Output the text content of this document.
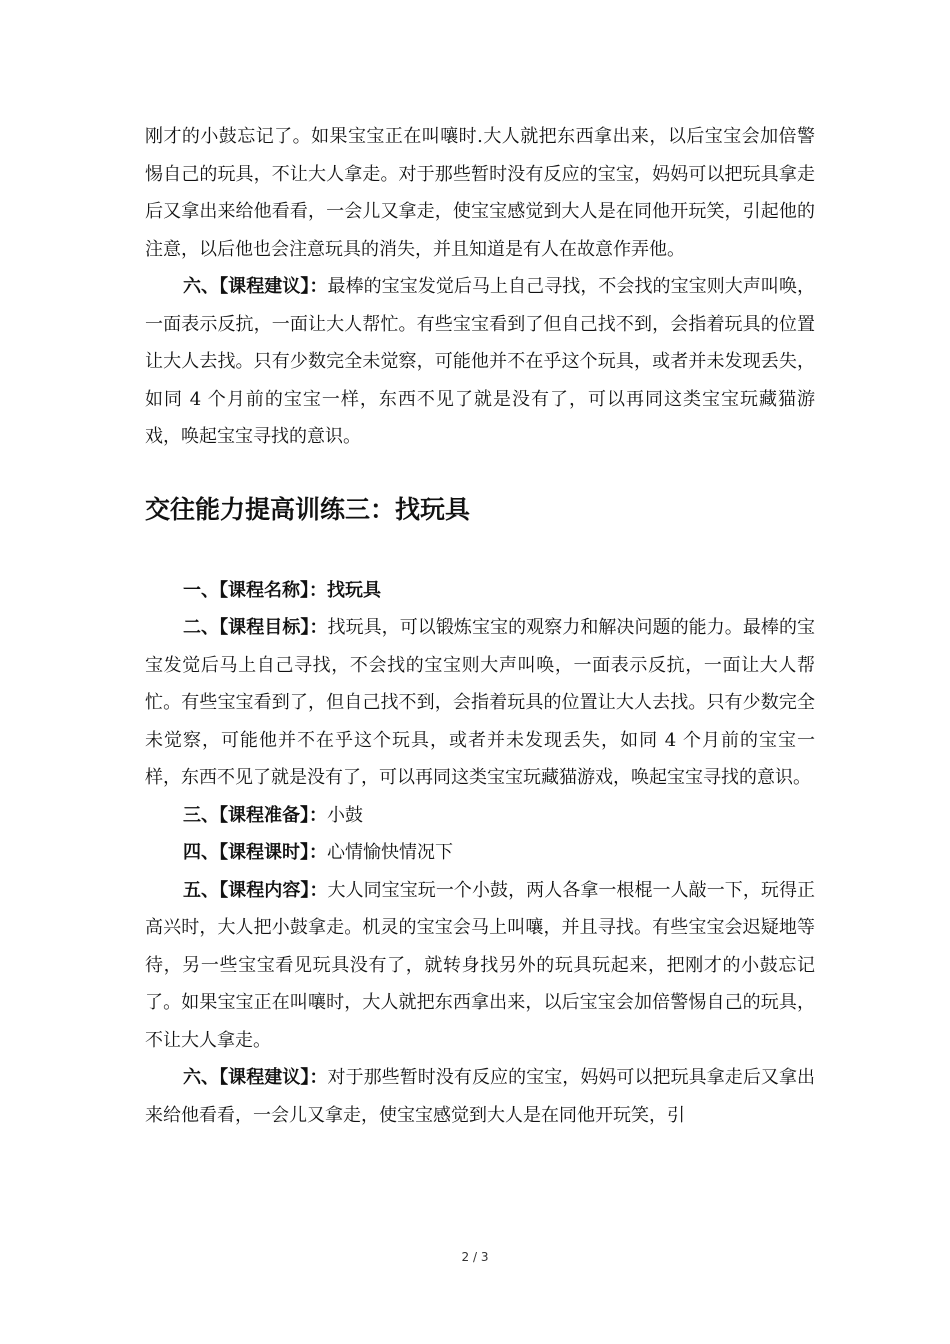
刚才的小鼓忘记了。如果宝宝正在叫嚷时.大人就把东西拿出来，以后宝宝会加倍警惕自己的玩具，不让大人拿走。对于那些暂时没有反应的宝宝，妈妈可以把玩具拿走后又拿出来给他看看，一会儿又拿走，使宝宝感觉到大人是在同他开玩笑，引起他的注意，以后他也会注意玩具的消失，并且知道是有人在故意作弄他。

六、【课程建议】：最棒的宝宝发觉后马上自己寻找，不会找的宝宝则大声叫唤，一面表示反抗，一面让大人帮忙。有些宝宝看到了但自己找不到，会指着玩具的位置让大人去找。只有少数完全未觉察，可能他并不在乎这个玩具，或者并未发现丢失，如同 4 个月前的宝宝一样，东西不见了就是没有了，可以再同这类宝宝玩藏猫游戏，唤起宝宝寻找的意识。

交往能力提高训练三：找玩具

一、【课程名称】：找玩具

二、【课程目标】：找玩具，可以锻炼宝宝的观察力和解决问题的能力。最棒的宝宝发觉后马上自己寻找，不会找的宝宝则大声叫唤，一面表示反抗，一面让大人帮忙。有些宝宝看到了，但自己找不到，会指着玩具的位置让大人去找。只有少数完全未觉察，可能他并不在乎这个玩具，或者并未发现丢失，如同 4 个月前的宝宝一样，东西不见了就是没有了，可以再同这类宝宝玩藏猫游戏，唤起宝宝寻找的意识。

三、【课程准备】：小鼓

四、【课程课时】：心情愉快情况下

五、【课程内容】：大人同宝宝玩一个小鼓，两人各拿一根棍一人敲一下，玩得正高兴时，大人把小鼓拿走。机灵的宝宝会马上叫嚷，并且寻找。有些宝宝会迟疑地等待，另一些宝宝看见玩具没有了，就转身找另外的玩具玩起来，把刚才的小鼓忘记了。如果宝宝正在叫嚷时，大人就把东西拿出来，以后宝宝会加倍警惕自己的玩具，不让大人拿走。

六、【课程建议】：对于那些暂时没有反应的宝宝，妈妈可以把玩具拿走后又拿出来给他看看，一会儿又拿走，使宝宝感觉到大人是在同他开玩笑，引

2 / 3
